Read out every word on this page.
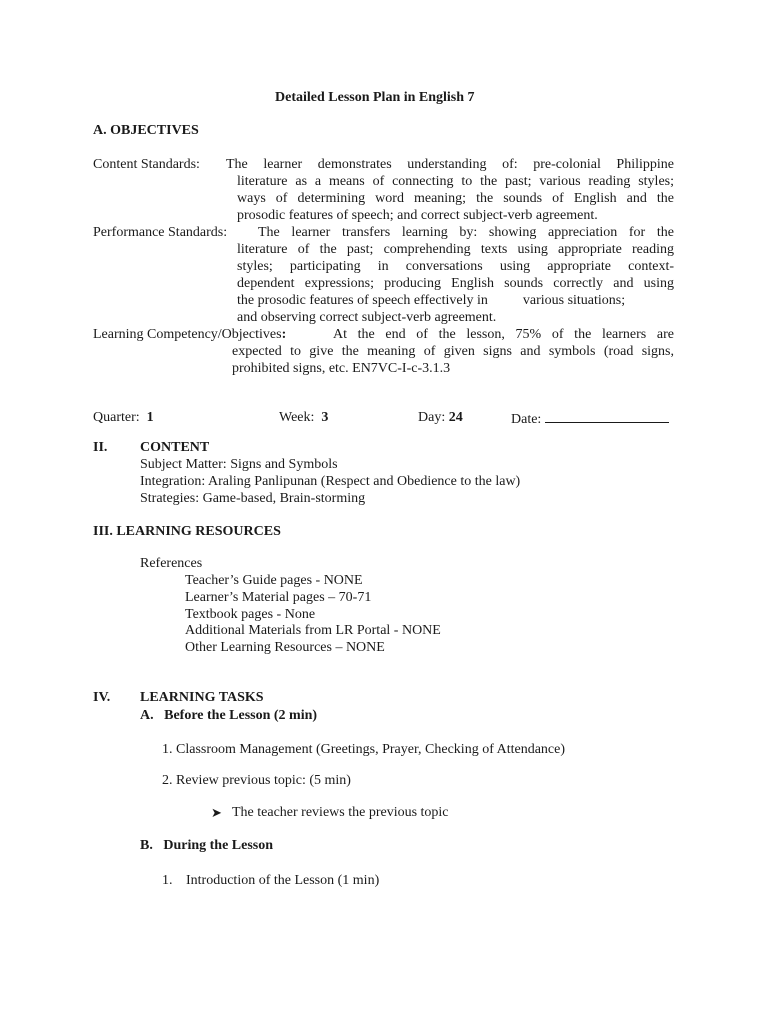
Detailed Lesson Plan in English 7
A. OBJECTIVES
Content Standards: The learner demonstrates understanding of: pre-colonial Philippine
literature as a means of connecting to the past; various reading styles;
ways of determining word meaning; the sounds of English and the
prosodic features of speech; and correct subject-verb agreement.
Performance Standards: The learner transfers learning by: showing appreciation for the
literature of the past; comprehending texts using appropriate reading
styles; participating in conversations using appropriate context-
dependent expressions; producing English sounds correctly and using
the prosodic features of speech effectively in          various situations;
and observing correct subject-verb agreement.
Learning Competency/Objectives:	At the end of the lesson, 75% of the learners are
expected to give the meaning of given signs and symbols (road signs,
prohibited signs, etc. EN7VC-I-c-3.1.3
Quarter: 1	Week: 3	Day: 24	Date:
II. CONTENT
Subject Matter: Signs and Symbols
Integration: Araling Panlipunan (Respect and Obedience to the law)
Strategies: Game-based, Brain-storming
III. LEARNING RESOURCES
References
Teacher’s Guide pages - NONE
Learner’s Material pages – 70-71
Textbook pages - None
Additional Materials from LR Portal - NONE
Other Learning Resources – NONE
IV. LEARNING TASKS
A.   Before the Lesson (2 min)
1. Classroom Management (Greetings, Prayer, Checking of Attendance)
2. Review previous topic: (5 min)
➤ The teacher reviews the previous topic
B.   During the Lesson
1. Introduction of the Lesson (1 min)
